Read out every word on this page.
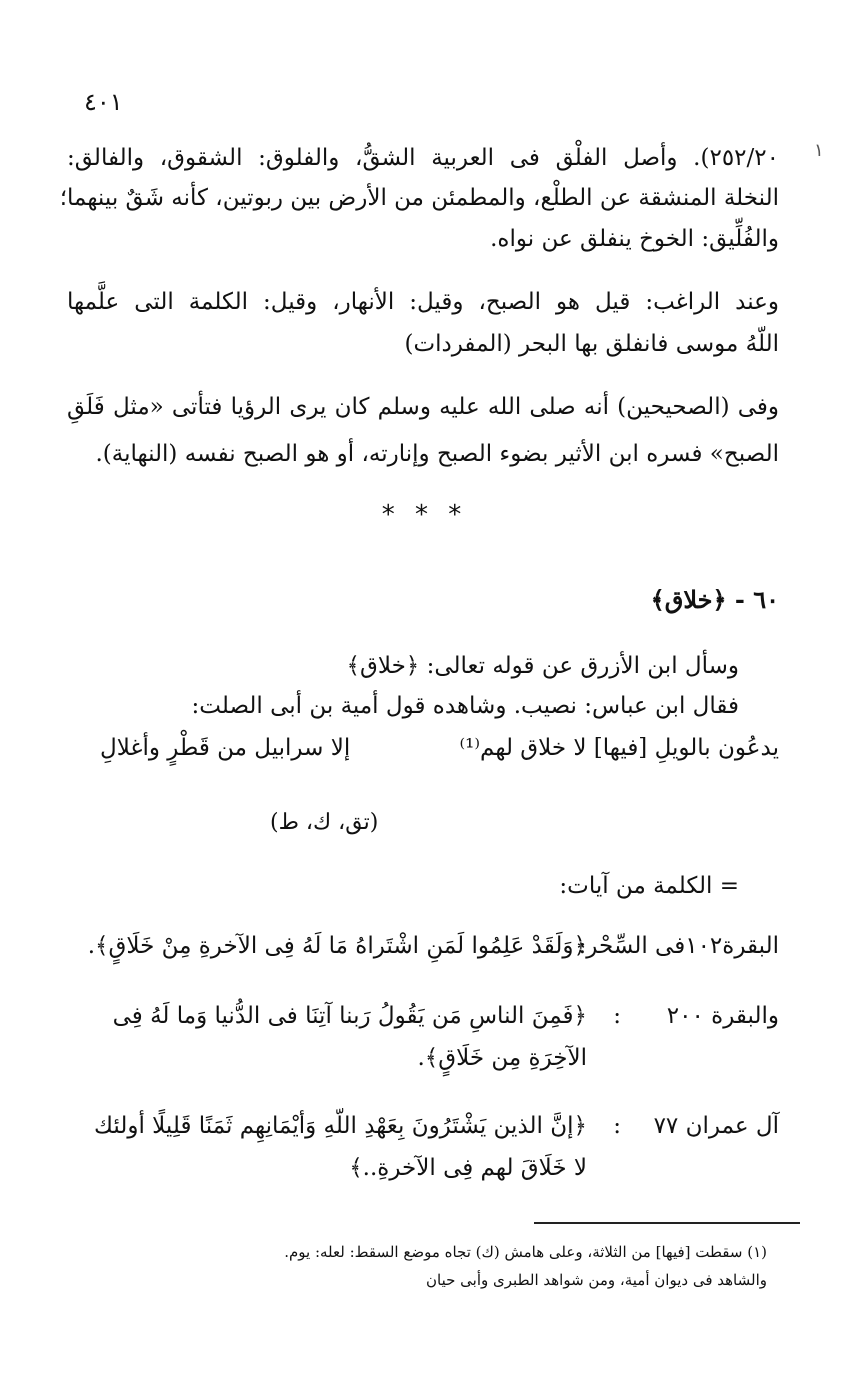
٤٠١
١
٢٥٢/٢٠). وأصل الفلْق فى العربية الشقُّ، والفلوق: الشقوق، والفالق:
النخلة المنشقة عن الطلْع، والمطمئن من الأرض بين ربوتين، كأنه شَقٌ بينهما؛
والفُلِّيق: الخوخ ينفلق عن نواه.
وعند الراغب: قيل هو الصبح، وقيل: الأنهار، وقيل: الكلمة التى علَّمها
اللّهُ موسى فانفلق بها البحر (المفردات)
وفى (الصحيحين) أنه صلى الله عليه وسلم كان يرى الرؤيا فتأتى «مثل فَلَقِ
الصبح» فسره ابن الأثير بضوء الصبح وإنارته، أو هو الصبح نفسه (النهاية).
* * *
٦٠ - ﴿خلاق﴾
وسأل ابن الأزرق عن قوله تعالى: ﴿خلاق﴾
فقال ابن عباس: نصيب. وشاهده قول أمية بن أبى الصلت:
يدعُون بالويلِ [فيها] لا خلاق لهم⁽¹⁾
إلا سرابيل من قَطْرٍ وأغلالِ
(تق، ك، ط)
= الكلمة من آيات:
البقرة١٠٢فى السِّحْر:
﴿وَلَقَدْ عَلِمُوا لَمَنِ اشْتَراهُ مَا لَهُ فِى الآخرةِ مِنْ خَلَاقٍ﴾.
والبقرة ٢٠٠
:
﴿فَمِنَ الناسِ مَن يَقُولُ رَبنا آتِنَا فى الدُّنيا وَما لَهُ فِى
الآخِرَةِ مِن خَلَاقٍ﴾.
آل عمران ٧٧
:
﴿إنَّ الذين يَشْتَرُونَ بِعَهْدِ اللّهِ وَأيْمَانِهِم ثَمَنًا قَلِيلًا أولئك
لا خَلَاقَ لهم فِى الآخرةِ..﴾
(١) سقطت [فيها] من الثلاثة، وعلى هامش (ك) تجاه موضع السقط: لعله: يوم.
والشاهد فى ديوان أمية، ومن شواهد الطبرى وأبى حيان
